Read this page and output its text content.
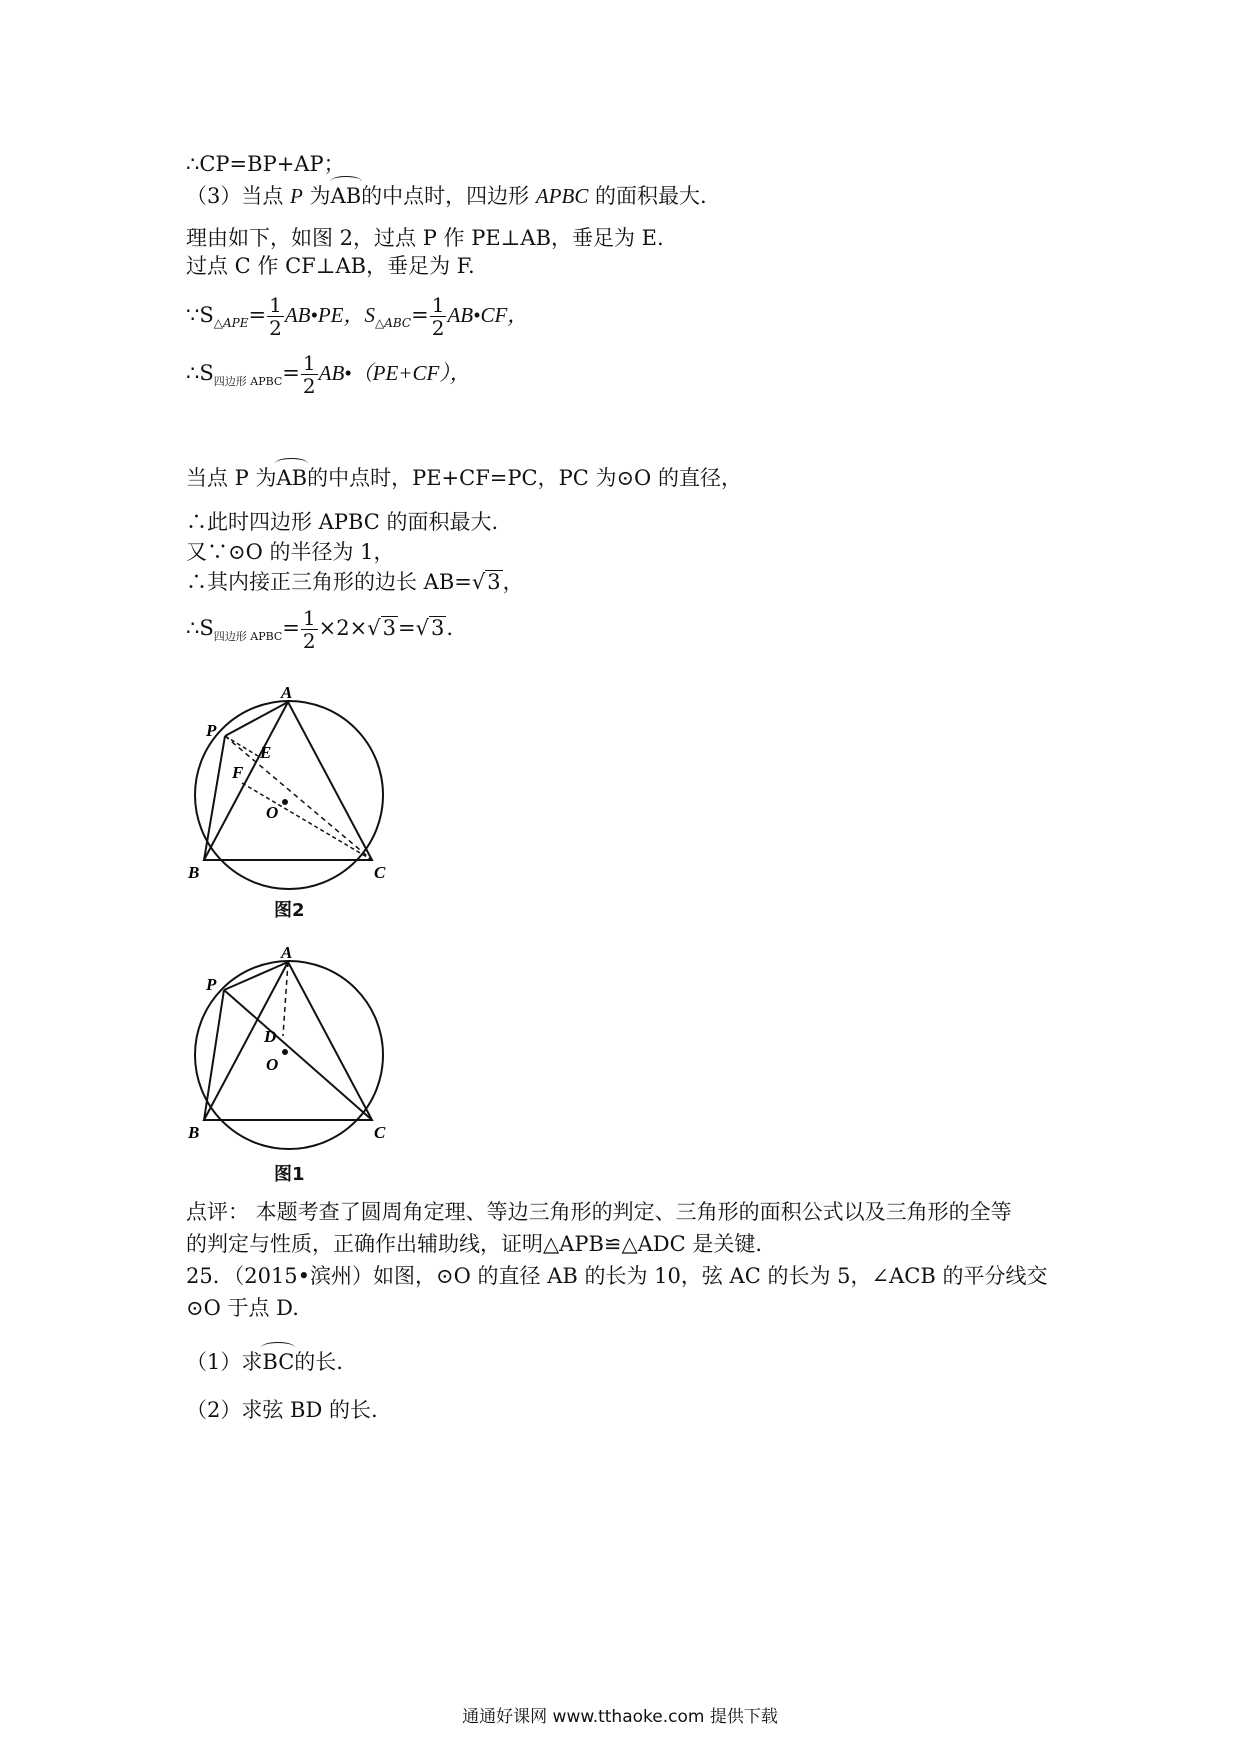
∴CP=BP+AP；
（3）当点 P 为AB的中点时，四边形 APBC 的面积最大.
理由如下，如图 2，过点 P 作 PE⊥AB，垂足为 E.
过点 C 作 CF⊥AB，垂足为 F.
$\because S_{\triangle APE}= \frac{1}{2}$ AB•PE，$S_{\triangle ABC}= \frac{1}{2}$ AB•CF，
$\therefore S_{四边形 APBC}= \frac{1}{2}$ AB•（PE+CF），
当点 P 为AB的中点时，PE+CF=PC，PC 为⊙O 的直径，
∴此时四边形 APBC 的面积最大.
又∵⊙O 的半径为 1，
∴其内接正三角形的边长 AB=√3，
$\therefore S_{四边形 APBC}= \frac{1}{2} \times 2\times√3=√3$.
A
P
E
F
O
B	C
图2
A
P
D
O
B	C
图1
点评： 本题考查了圆周角定理、等边三角形的判定、三角形的面积公式以及三角形的全等
的判定与性质，正确作出辅助线，证明△APB≌△ADC 是关键.
25．（2015•滨州）如图，⊙O 的直径 AB 的长为 10，弦 AC 的长为 5，∠ACB 的平分线交
⊙O 于点 D.
（1）求BC的长.
（2）求弦 BD 的长.
通通好课网 www.tthaoke.com 提供下载
